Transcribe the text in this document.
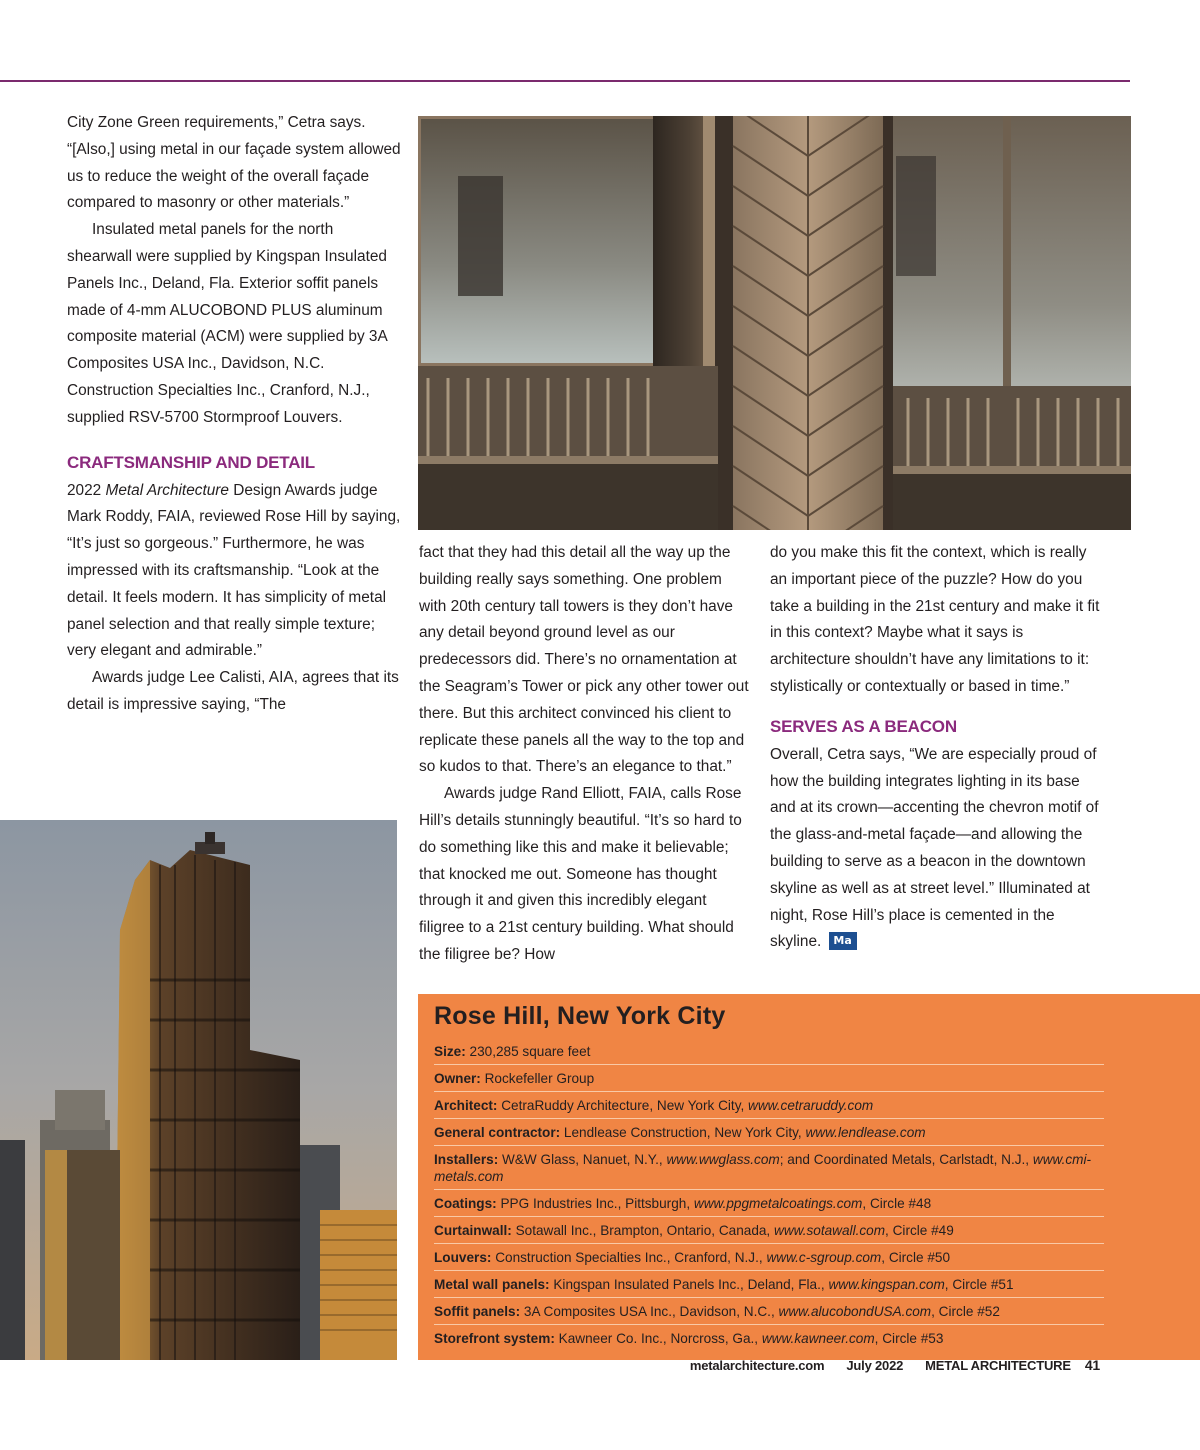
City Zone Green requirements,” Cetra says. “[Also,] using metal in our façade system allowed us to reduce the weight of the overall façade compared to masonry or other materials.”

Insulated metal panels for the north shearwall were supplied by Kingspan Insulated Panels Inc., Deland, Fla. Exterior soffit panels made of 4-mm ALUCOBOND PLUS aluminum composite material (ACM) were supplied by 3A Composites USA Inc., Davidson, N.C. Construction Specialties Inc., Cranford, N.J., supplied RSV-5700 Stormproof Louvers.

CRAFTSMANSHIP AND DETAIL

2022 Metal Architecture Design Awards judge Mark Roddy, FAIA, reviewed Rose Hill by saying, “It’s just so gorgeous.” Furthermore, he was impressed with its craftsmanship. “Look at the detail. It feels modern. It has simplicity of metal panel selection and that really simple texture; very elegant and admirable.”

Awards judge Lee Calisti, AIA, agrees that its detail is impressive saying, “The

fact that they had this detail all the way up the building really says something. One problem with 20th century tall towers is they don’t have any detail beyond ground level as our predecessors did. There’s no ornamentation at the Seagram’s Tower or pick any other tower out there. But this architect convinced his client to replicate these panels all the way to the top and so kudos to that. There’s an elegance to that.”

Awards judge Rand Elliott, FAIA, calls Rose Hill’s details stunningly beautiful. “It’s so hard to do something like this and make it believable; that knocked me out. Someone has thought through it and given this incredibly elegant filigree to a 21st century building. What should the filigree be? How

do you make this fit the context, which is really an important piece of the puzzle? How do you take a building in the 21st century and make it fit in this context? Maybe what it says is architecture shouldn’t have any limitations to it: stylistically or contextually or based in time.”

SERVES AS A BEACON

Overall, Cetra says, “We are especially proud of how the building integrates lighting in its base and at its crown—accenting the chevron motif of the glass-and-metal façade—and allowing the building to serve as a beacon in the downtown skyline as well as at street level.” Illuminated at night, Rose Hill’s place is cemented in the skyline. Ma

Rose Hill, New York City
Size: 230,285 square feet
Owner: Rockefeller Group
Architect: CetraRuddy Architecture, New York City, www.cetraruddy.com
General contractor: Lendlease Construction, New York City, www.lendlease.com
Installers: W&W Glass, Nanuet, N.Y., www.wwglass.com; and Coordinated Metals, Carlstadt, N.J., www.cmi-metals.com
Coatings: PPG Industries Inc., Pittsburgh, www.ppgmetalcoatings.com, Circle #48
Curtainwall: Sotawall Inc., Brampton, Ontario, Canada, www.sotawall.com, Circle #49
Louvers: Construction Specialties Inc., Cranford, N.J., www.c-sgroup.com, Circle #50
Metal wall panels: Kingspan Insulated Panels Inc., Deland, Fla., www.kingspan.com, Circle #51
Soffit panels: 3A Composites USA Inc., Davidson, N.C., www.alucobondUSA.com, Circle #52
Storefront system: Kawneer Co. Inc., Norcross, Ga., www.kawneer.com, Circle #53
metalarchitecture.com July 2022 METAL ARCHITECTURE 41
